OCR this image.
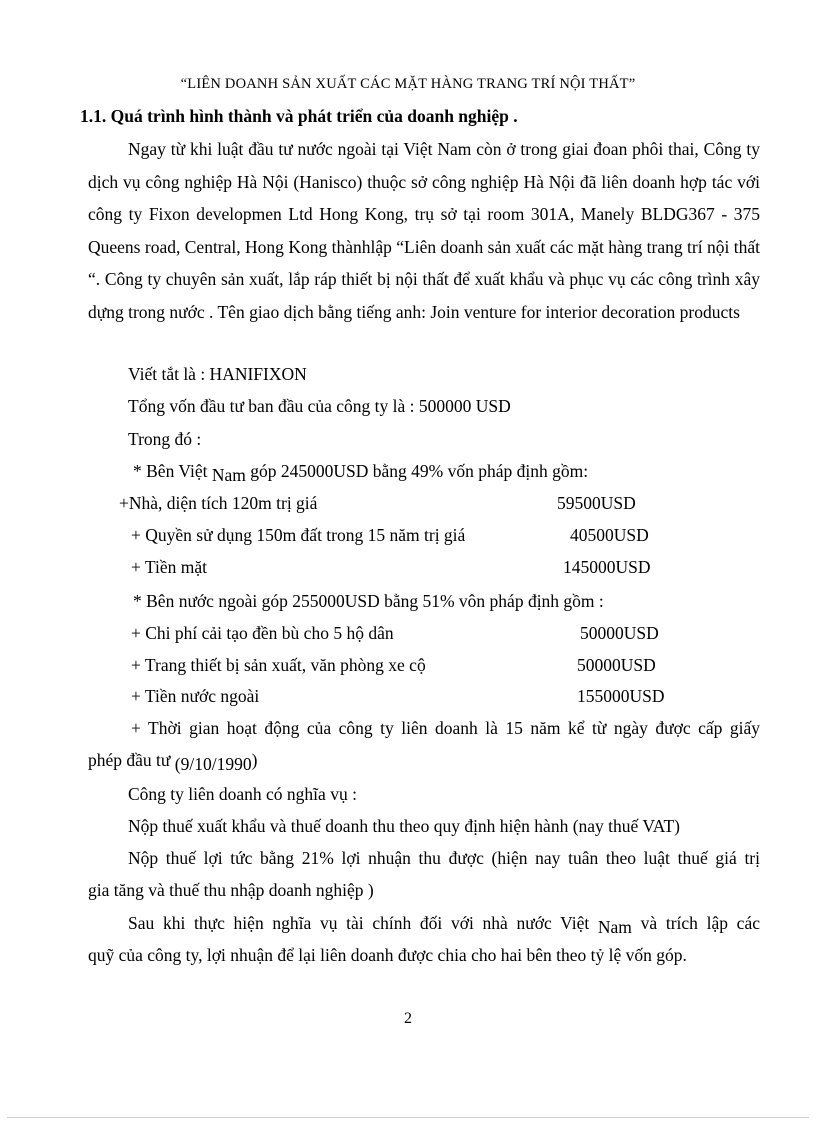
“LIÊN DOANH SẢN XUẤT CÁC MẶT HÀNG TRANG TRÍ NỘI THẤT”
1.1. Quá trình hình thành và phát triển của doanh nghiệp .
Ngay từ khi luật đầu tư nước ngoài tại Việt Nam còn ở trong giai đoan phôi thai, Công ty dịch vụ công nghiệp Hà Nội (Hanisco) thuộc sở công nghiệp Hà Nội đã liên doanh hợp tác với công ty Fixon developmen Ltd Hong Kong, trụ sở tại room 301A, Manely BLDG367 - 375 Queens road, Central, Hong Kong thànhlập “Liên doanh sản xuất các mặt hàng trang trí nội thất “. Công ty chuyên sản xuất, lắp ráp thiết bị nội thất để xuất khẩu và phục vụ các công trình xây dựng trong nước . Tên giao dịch bằng tiếng anh: Join venture for interior decoration products
Viết tắt là : HANIFIXON
Tổng vốn đầu tư ban đầu của công ty là : 500000 USD
Trong đó :
* Bên Việt Nam góp 245000USD bằng 49% vốn pháp định gồm:
+Nhà, diện tích 120m trị giá	59500USD
+ Quyền sử dụng 150m đất trong 15 năm trị giá	40500USD
+ Tiền mặt	145000USD
* Bên nước ngoài góp 255000USD bằng 51% vôn pháp định gồm :
+ Chi phí cải tạo đền bù cho 5 hộ dân	50000USD
+ Trang thiết bị sản xuất, văn phòng xe cộ	50000USD
+ Tiền nước ngoài	155000USD
+ Thời gian hoạt động của công ty liên doanh là 15 năm kể từ ngày được cấp giấy
phép đầu tư (9/10/1990)
Công ty liên doanh có nghĩa vụ :
Nộp thuế xuất khẩu và thuế doanh thu theo quy định hiện hành (nay thuế VAT)
Nộp thuế lợi tức bằng 21% lợi nhuận thu được (hiện nay tuân theo luật thuế giá trị
gia tăng và thuế thu nhập doanh nghiệp )
Sau khi thực hiện nghĩa vụ tài chính đối với nhà nước Việt Nam và trích lập các
quỹ của công ty, lợi nhuận để lại liên doanh được chia cho hai bên theo tỷ lệ vốn góp.
2
